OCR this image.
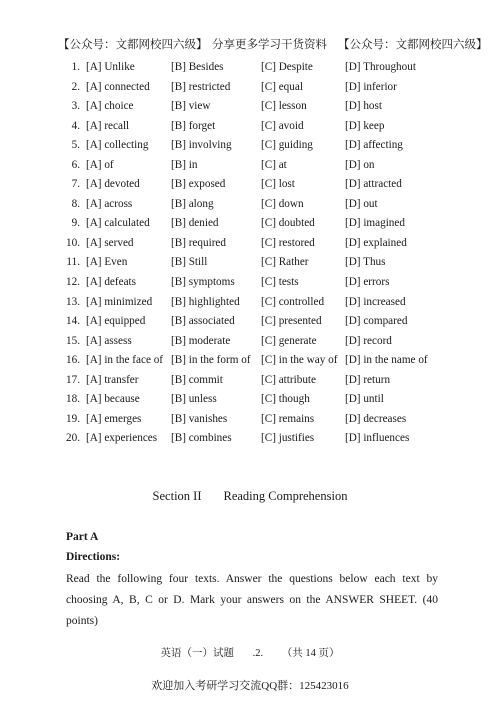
【公众号：文都网校四六级】 分享更多学习干货资料 【公众号：文都网校四六级】
1. [A] Unlike	[B] Besides	[C] Despite	[D] Throughout
2. [A] connected [B] restricted	[C] equal	[D] inferior
3. [A] choice	[B] view	[C] lesson	[D] host
4. [A] recall	[B] forget	[C] avoid	[D] keep
5. [A] collecting [B] involving	[C] guiding	[D] affecting
6. [A] of	[B] in	[C] at	[D] on
7. [A] devoted	[B] exposed	[C] lost	[D] attracted
8. [A] across	[B] along	[C] down	[D] out
9. [A] calculated [B] denied	[C] doubted	[D] imagined
10. [A] served	[B] required	[C] restored	[D] explained
11. [A] Even	[B] Still	[C] Rather	[D] Thus
12. [A] defeats	[B] symptoms [C] tests	[D] errors
13. [A] minimized [B] highlighted [C] controlled [D] increased
14. [A] equipped [B] associated [C] presented [D] compared
15. [A] assess	[B] moderate	[C] generate	[D] record
16. [A] in the face of [B] in the form of [C] in the way of [D] in the name of
17. [A] transfer	[B] commit	[C] attribute	[D] return
18. [A] because	[B] unless	[C] though	[D] until
19. [A] emerges	[B] vanishes	[C] remains	[D] decreases
20. [A] experiences [B] combines	[C] justifies	[D] influences
Section II Reading Comprehension
Part A
Directions:
Read the following four texts. Answer the questions below each text by choosing A, B, C or D. Mark your answers on the ANSWER SHEET. (40 points)
英语（一）试题 .2. （共 14 页）
欢迎加入考研学习交流QQ群：125423016
